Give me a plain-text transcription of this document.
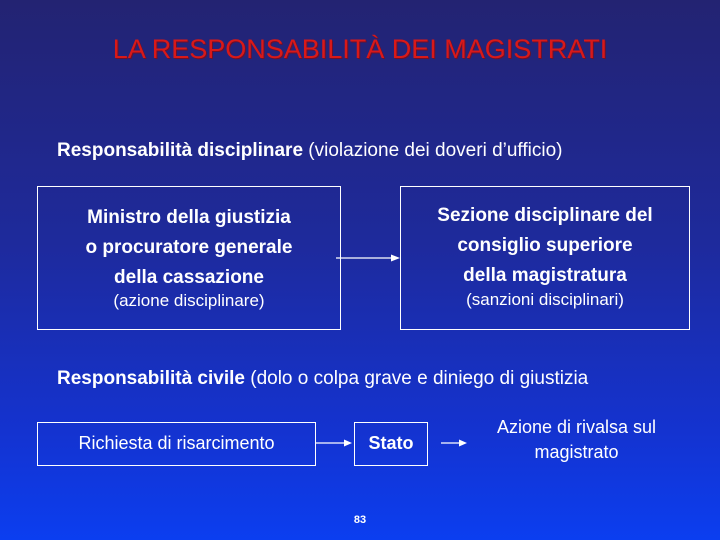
LA RESPONSABILITÀ DEI MAGISTRATI
Responsabilità disciplinare (violazione dei doveri d’ufficio)
Ministro della giustizia
o procuratore generale
della cassazione
(azione disciplinare)
Sezione disciplinare del
consiglio superiore
della magistratura
(sanzioni disciplinari)
Responsabilità civile (dolo o colpa grave e diniego di giustizia
Richiesta di risarcimento	Stato
Azione di rivalsa sul
magistrato
83
